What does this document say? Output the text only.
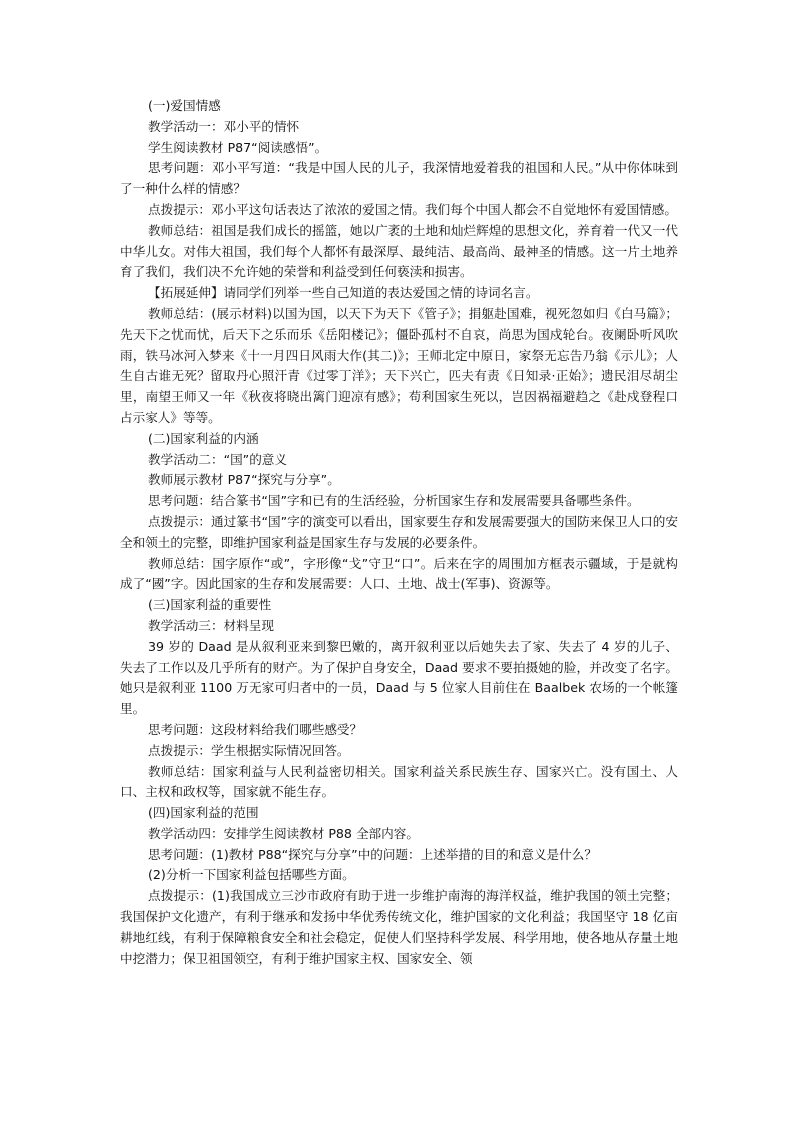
(一)爱国情感

教学活动一：邓小平的情怀

学生阅读教材 P87“阅读感悟”。

思考问题：邓小平写道：“我是中国人民的儿子，我深情地爱着我的祖国和人民。”从中你体味到了一种什么样的情感？

点拨提示：邓小平这句话表达了浓浓的爱国之情。我们每个中国人都会不自觉地怀有爱国情感。

教师总结：祖国是我们成长的摇篮，她以广袤的土地和灿烂辉煌的思想文化，养育着一代又一代中华儿女。对伟大祖国，我们每个人都怀有最深厚、最纯洁、最高尚、最神圣的情感。这一片土地养育了我们，我们决不允许她的荣誉和利益受到任何亵渎和损害。

【拓展延伸】请同学们列举一些自己知道的表达爱国之情的诗词名言。

教师总结：(展示材料)以国为国，以天下为天下《管子》；捐躯赴国难，视死忽如归《白马篇》；先天下之忧而忧，后天下之乐而乐《岳阳楼记》；僵卧孤村不自哀，尚思为国戍轮台。夜阑卧听风吹雨，铁马冰河入梦来《十一月四日风雨大作(其二)》；王师北定中原日，家祭无忘告乃翁《示儿》；人生自古谁无死？留取丹心照汗青《过零丁洋》；天下兴亡，匹夫有责《日知录·正始》；遗民泪尽胡尘里，南望王师又一年《秋夜将晓出篱门迎凉有感》；苟利国家生死以，岂因祸福避趋之《赴戍登程口占示家人》等等。

(二)国家利益的内涵

教学活动二：“国”的意义

教师展示教材 P87“探究与分享”。

思考问题：结合篆书“国”字和已有的生活经验，分析国家生存和发展需要具备哪些条件。

点拨提示：通过篆书“国”字的演变可以看出，国家要生存和发展需要强大的国防来保卫人口的安全和领土的完整，即维护国家利益是国家生存与发展的必要条件。

教师总结：国字原作“或”，字形像“戈”守卫“口”。后来在字的周围加方框表示疆域，于是就构成了“國”字。因此国家的生存和发展需要：人口、土地、战士(军事)、资源等。

(三)国家利益的重要性

教学活动三：材料呈现

39 岁的 Daad 是从叙利亚来到黎巴嫩的，离开叙利亚以后她失去了家、失去了 4 岁的儿子、失去了工作以及几乎所有的财产。为了保护自身安全，Daad 要求不要拍摄她的脸，并改变了名字。她只是叙利亚 1100 万无家可归者中的一员，Daad 与 5 位家人目前住在 Baalbek 农场的一个帐篷里。

思考问题：这段材料给我们哪些感受？

点拨提示：学生根据实际情况回答。

教师总结：国家利益与人民利益密切相关。国家利益关系民族生存、国家兴亡。没有国土、人口、主权和政权等，国家就不能生存。

(四)国家利益的范围

教学活动四：安排学生阅读教材 P88 全部内容。

思考问题：(1)教材 P88“探究与分享”中的问题：上述举措的目的和意义是什么？

(2)分析一下国家利益包括哪些方面。

点拨提示：(1)我国成立三沙市政府有助于进一步维护南海的海洋权益，维护我国的领土完整；我国保护文化遗产，有利于继承和发扬中华优秀传统文化，维护国家的文化利益；我国坚守 18 亿亩耕地红线，有利于保障粮食安全和社会稳定，促使人们坚持科学发展、科学用地，使各地从存量土地中挖潜力；保卫祖国领空，有利于维护国家主权、国家安全、领
